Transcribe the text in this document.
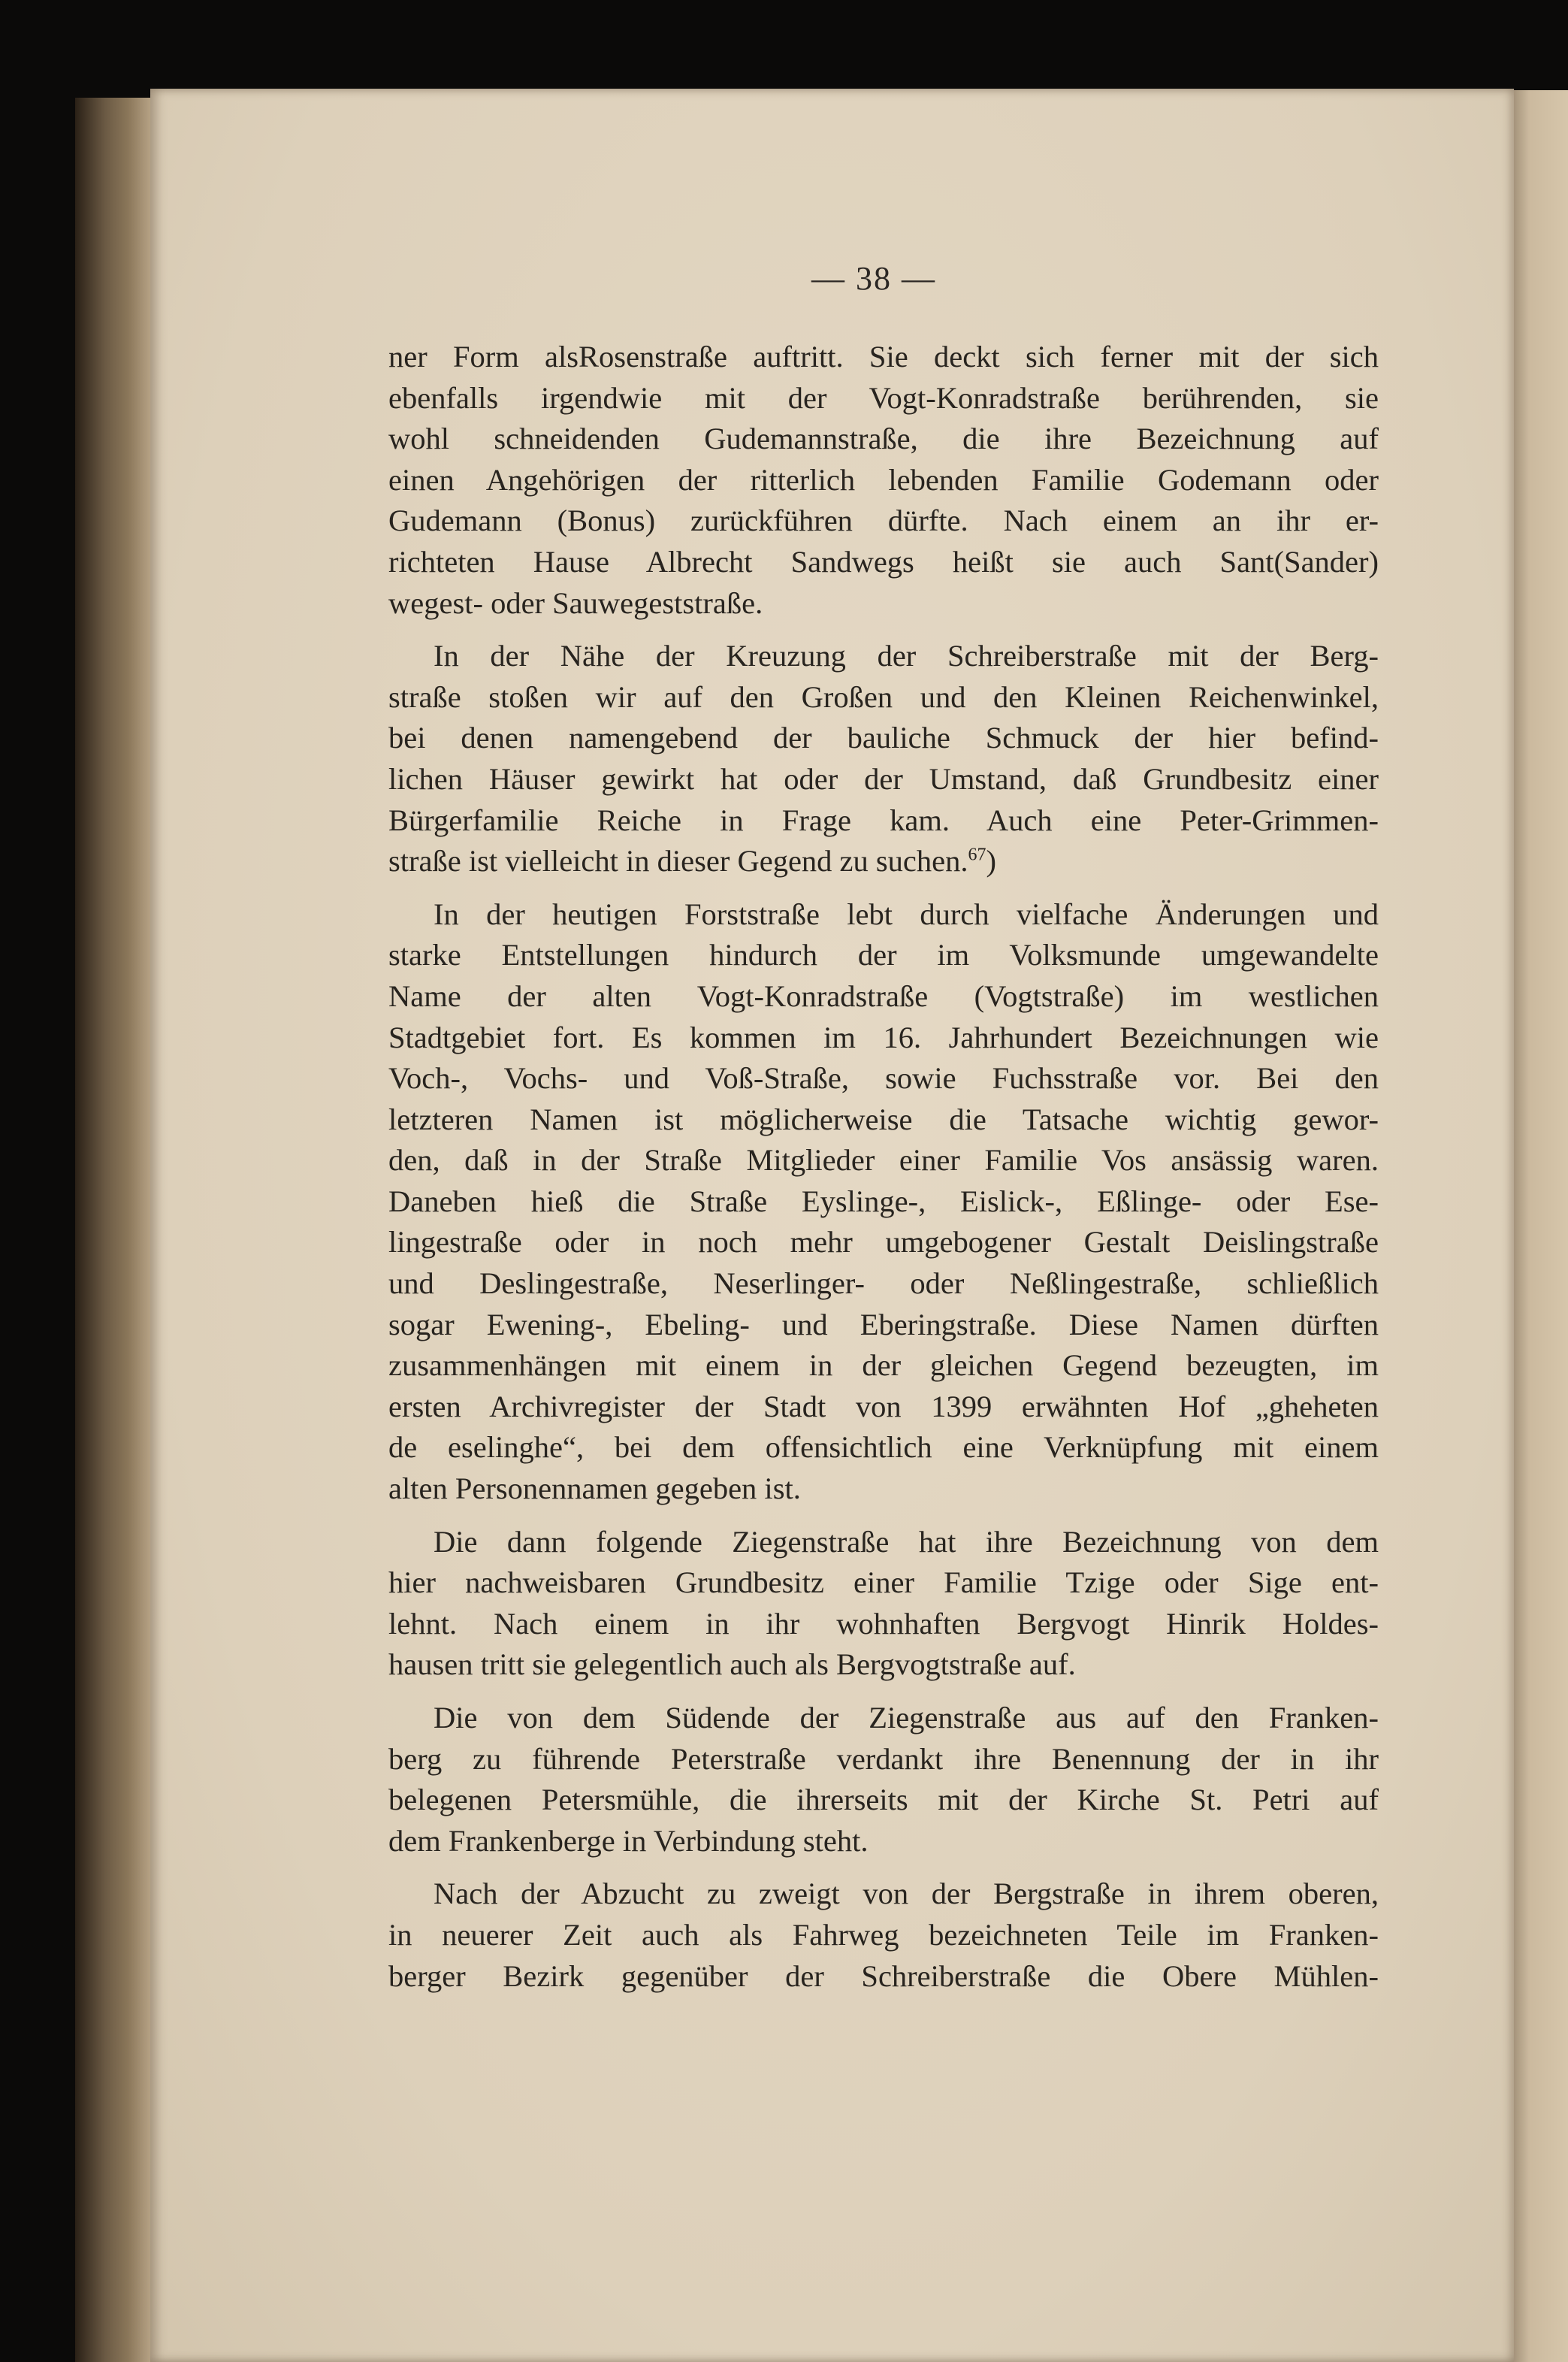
— 38 —

ner Form alsRosenstraße auftritt. Sie deckt sich ferner mit der sich
ebenfalls irgendwie mit der Vogt-Konradstraße berührenden, sie
wohl schneidenden Gudemannstraße, die ihre Bezeichnung auf
einen Angehörigen der ritterlich lebenden Familie Godemann oder
Gudemann (Bonus) zurückführen dürfte. Nach einem an ihr er-
richteten Hause Albrecht Sandwegs heißt sie auch Sant(Sander)
wegest- oder Sauwegeststraße.

In der Nähe der Kreuzung der Schreiberstraße mit der Berg-
straße stoßen wir auf den Großen und den Kleinen Reichenwinkel,
bei denen namengebend der bauliche Schmuck der hier befind-
lichen Häuser gewirkt hat oder der Umstand, daß Grundbesitz einer
Bürgerfamilie Reiche in Frage kam. Auch eine Peter-Grimmen-
straße ist vielleicht in dieser Gegend zu suchen.$^{67}$)

In der heutigen Forststraße lebt durch vielfache Änderungen und
starke Entstellungen hindurch der im Volksmunde umgewandelte
Name der alten Vogt-Konradstraße (Vogtstraße) im westlichen
Stadtgebiet fort. Es kommen im 16. Jahrhundert Bezeichnungen wie
Voch-, Vochs- und Voß-Straße, sowie Fuchsstraße vor. Bei den
letzteren Namen ist möglicherweise die Tatsache wichtig gewor-
den, daß in der Straße Mitglieder einer Familie Vos ansässig waren.
Daneben hieß die Straße Eyslinge-, Eislick-, Eßlinge- oder Ese-
lingestraße oder in noch mehr umgebogener Gestalt Deislingstraße
und Deslingestraße, Neserlinger- oder Neßlingestraße, schließlich
sogar Ewening-, Ebeling- und Eberingstraße. Diese Namen dürften
zusammenhängen mit einem in der gleichen Gegend bezeugten, im
ersten Archivregister der Stadt von 1399 erwähnten Hof „gheheten
de eselinghe“, bei dem offensichtlich eine Verknüpfung mit einem
alten Personennamen gegeben ist.

Die dann folgende Ziegenstraße hat ihre Bezeichnung von dem
hier nachweisbaren Grundbesitz einer Familie Tzige oder Sige ent-
lehnt. Nach einem in ihr wohnhaften Bergvogt Hinrik Holdes-
hausen tritt sie gelegentlich auch als Bergvogtstraße auf.

Die von dem Südende der Ziegenstraße aus auf den Franken-
berg zu führende Peterstraße verdankt ihre Benennung der in ihr
belegenen Petersmühle, die ihrerseits mit der Kirche St. Petri auf
dem Frankenberge in Verbindung steht.

Nach der Abzucht zu zweigt von der Bergstraße in ihrem oberen,
in neuerer Zeit auch als Fahrweg bezeichneten Teile im Franken-
berger Bezirk gegenüber der Schreiberstraße die Obere Mühlen-
